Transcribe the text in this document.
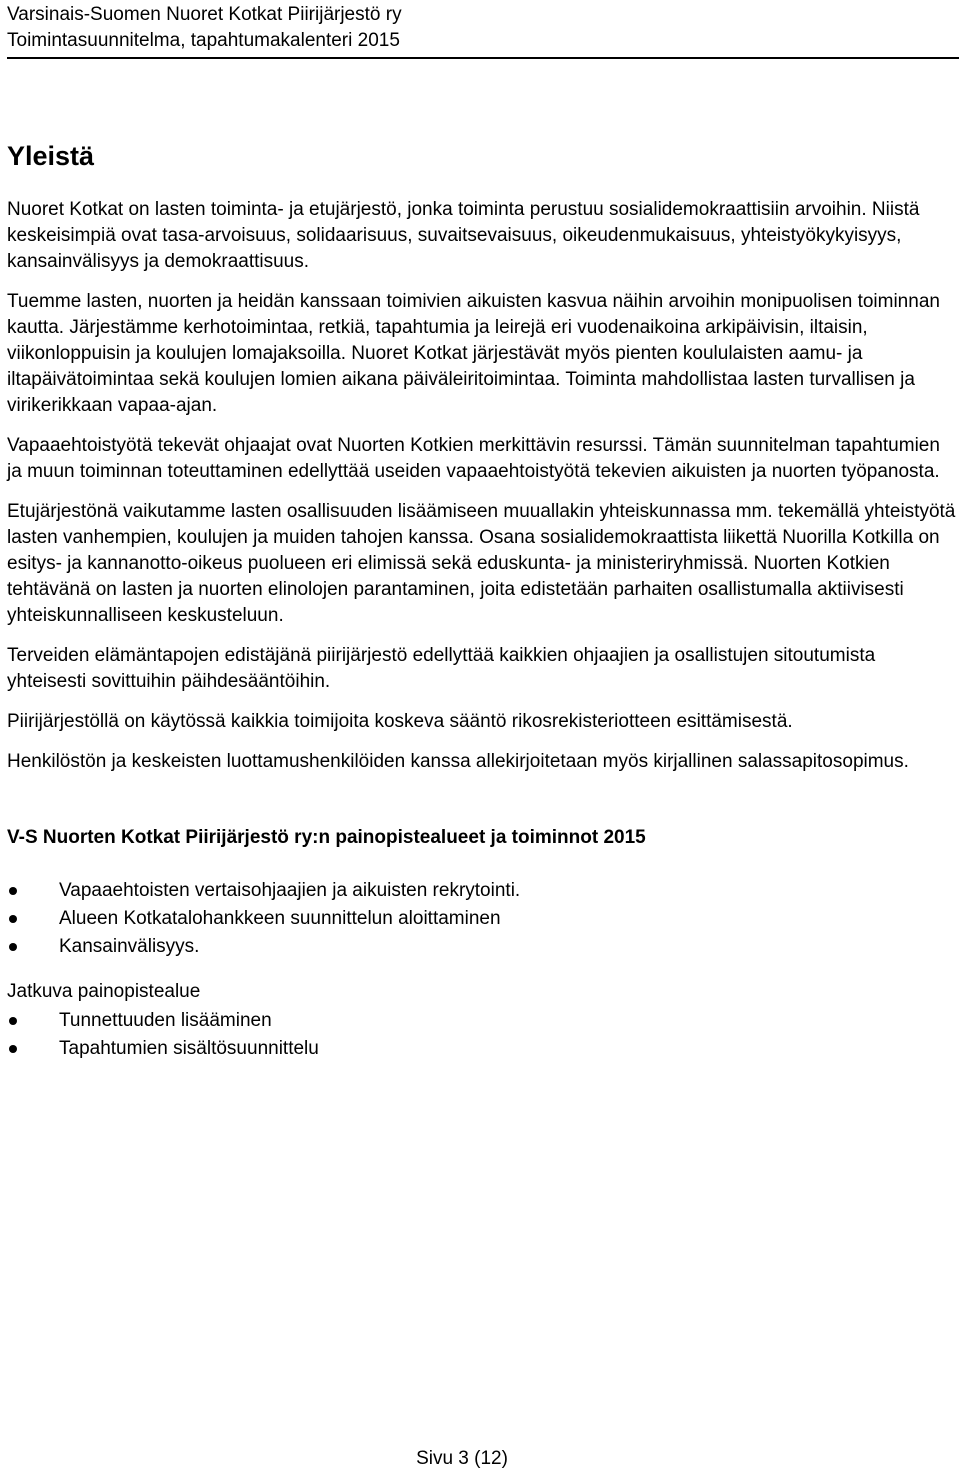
Varsinais-Suomen Nuoret Kotkat Piirijärjestö ry
Toimintasuunnitelma, tapahtumakalenteri 2015
Yleistä

Nuoret Kotkat on lasten toiminta- ja etujärjestö, jonka toiminta perustuu sosialidemokraattisiin arvoihin. Niistä keskeisimpiä ovat tasa-arvoisuus, solidaarisuus, suvaitsevaisuus, oikeudenmukaisuus, yhteistyökykyisyys, kansainvälisyys ja demokraattisuus.

Tuemme lasten, nuorten ja heidän kanssaan toimivien aikuisten kasvua näihin arvoihin monipuolisen toiminnan kautta. Järjestämme kerhotoimintaa, retkiä, tapahtumia ja leirejä eri vuodenaikoina arkipäivisin, iltaisin, viikonloppuisin ja koulujen lomajaksoilla. Nuoret Kotkat järjestävät myös pienten koululaisten aamu- ja iltapäivätoimintaa sekä koulujen lomien aikana päiväleiritoimintaa. Toiminta mahdollistaa lasten turvallisen ja virikerikkaan vapaa-ajan.

Vapaaehtoistyötä tekevät ohjaajat ovat Nuorten Kotkien merkittävin resurssi. Tämän suunnitelman tapahtumien ja muun toiminnan toteuttaminen edellyttää useiden vapaaehtoistyötä tekevien aikuisten ja nuorten työpanosta.

Etujärjestönä vaikutamme lasten osallisuuden lisäämiseen muuallakin yhteiskunnassa mm. tekemällä yhteistyötä lasten vanhempien, koulujen ja muiden tahojen kanssa. Osana sosialidemokraattista liikettä Nuorilla Kotkilla on esitys- ja kannanotto-oikeus puolueen eri elimissä sekä eduskunta- ja ministeriryhmissä. Nuorten Kotkien tehtävänä on lasten ja nuorten elinolojen parantaminen, joita edistetään parhaiten osallistumalla aktiivisesti yhteiskunnalliseen keskusteluun.

Terveiden elämäntapojen edistäjänä piirijärjestö edellyttää kaikkien ohjaajien ja osallistujen sitoutumista yhteisesti sovittuihin päihdesääntöihin.

Piirijärjestöllä on käytössä kaikkia toimijoita koskeva sääntö rikosrekisteriotteen esittämisestä.

Henkilöstön ja keskeisten luottamushenkilöiden kanssa allekirjoitetaan myös kirjallinen salassapitosopimus.

V-S Nuorten Kotkat Piirijärjestö ry:n painopistealueet ja toiminnot 2015
Vapaaehtoisten vertaisohjaajien ja aikuisten rekrytointi.
Alueen Kotkatalohankkeen suunnittelun aloittaminen
Kansainvälisyys.
Jatkuva painopistealue
Tunnettuuden lisääminen
Tapahtumien sisältösuunnittelu
Sivu 3 (12)
